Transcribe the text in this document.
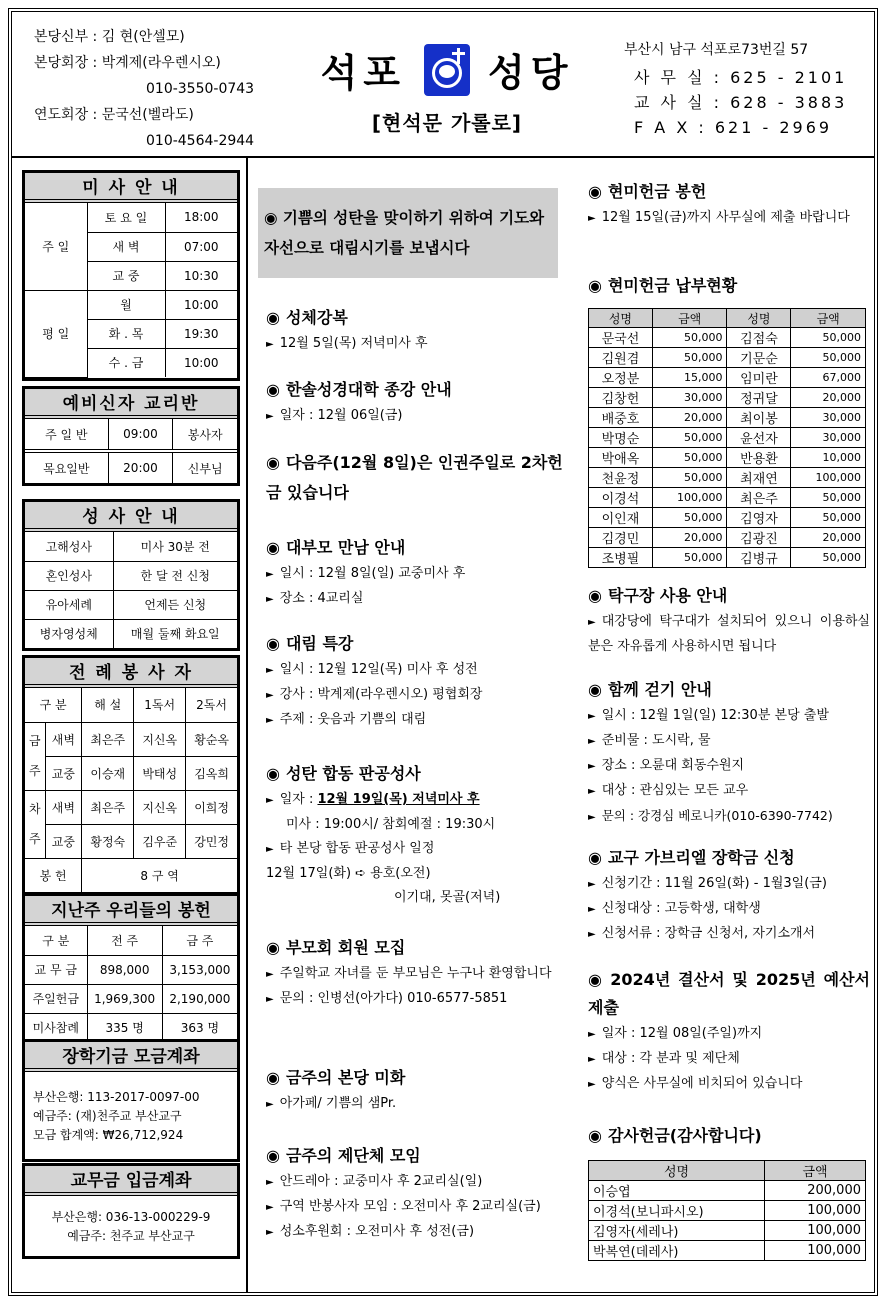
본당신부 : 김 현(안셀모)
본당회장 : 박계제(라우렌시오)
010-3550-0743
연도회장 : 문국선(벨라도)
010-4564-2944
석포 성당
[현석문 가롤로]
부산시 남구 석포로73번길 57
사 무 실 : 625 - 2101
교 사 실 : 628 - 3883
F A X : 621 - 2969
미 사 안 내
주 일	토 요 일	18:00
	새 벽	07:00
	교 중	10:30
평 일	월	10:00
	화 . 목	19:30
	수 . 금	10:00
예비신자 교리반
주 일 반	09:00	봉사자
목요일반	20:00	신부님
성 사 안 내
고해성사	미사 30분 전
혼인성사	한 달 전 신청
유아세례	언제든 신청
병자영성체	매월 둘째 화요일
전 례 봉 사 자
구 분		해 설	1독서	2독서
금주	새벽	최은주	지신옥	황순옥
	교중	이승재	박태성	김옥희
차주	새벽	최은주	지신옥	이희정
	교중	황정숙	김우준	강민정
봉 헌		8 구 역		
지난주 우리들의 봉헌
구 분	전 주	금 주
교 무 금	898,000	3,153,000
주일헌금	1,969,300	2,190,000
미사참례	335 명	363 명
장학기금 모금계좌
부산은행: 113-2017-0097-00
예금주: (재)천주교 부산교구
모금 합계액: ₩26,712,924
교무금 입금계좌
부산은행: 036-13-000229-9
예금주: 천주교 부산교구
◉ 기쁨의 성탄을 맞이하기 위하여 기도와 자선으로 대림시기를 보냅시다
◉ 성체강복
► 12월 5일(목) 저녁미사 후
◉ 한솔성경대학 종강 안내
► 일자 : 12월 06일(금)
◉ 다음주(12월 8일)은 인권주일로 2차헌금 있습니다
◉ 대부모 만남 안내
► 일시 : 12월 8일(일) 교중미사 후
► 장소 : 4교리실
◉ 대림 특강
► 일시 : 12월 12일(목) 미사 후 성전
► 강사 : 박계제(라우렌시오) 평협회장
► 주제 : 웃음과 기쁨의 대림
◉ 성탄 합동 판공성사
► 일자 : 12월 19일(목) 저녁미사 후
미사 : 19:00시/ 참회예절 : 19:30시
► 타 본당 합동 판공성사 일정
12월 17일(화) ➪ 용호(오전)
이기대, 못골(저녁)
◉ 부모회 회원 모집
► 주일학교 자녀를 둔 부모님은 누구나 환영합니다
► 문의 : 인병선(아가다) 010-6577-5851
◉ 금주의 본당 미화
► 아가페/ 기쁨의 샘Pr.
◉ 금주의 제단체 모임
► 안드레아 : 교중미사 후 2교리실(일)
► 구역 반봉사자 모임 : 오전미사 후 2교리실(금)
► 성소후원회 : 오전미사 후 성전(금)
◉ 현미헌금 봉헌
► 12월 15일(금)까지 사무실에 제출 바랍니다
◉ 현미헌금 납부현황
성명	금액	성명	금액
문국선	50,000	김점숙	50,000
김원겸	50,000	기문순	50,000
오정분	15,000	임미란	67,000
김창헌	30,000	정귀달	20,000
배중호	20,000	최이봉	30,000
박명순	50,000	윤선자	30,000
박애옥	50,000	반용환	10,000
천윤정	50,000	최재연	100,000
이경석	100,000	최은주	50,000
이인재	50,000	김영자	50,000
김경민	20,000	김광진	20,000
조병필	50,000	김병규	50,000
◉ 탁구장 사용 안내
► 대강당에 탁구대가 설치되어 있으니 이용하실 분은 자유롭게 사용하시면 됩니다
◉ 함께 걷기 안내
► 일시 : 12월 1일(일) 12:30분 본당 출발
► 준비물 : 도시락, 물
► 장소 : 오륜대 회동수원지
► 대상 : 관심있는 모든 교우
► 문의 : 강경심 베로니카(010-6390-7742)
◉ 교구 가브리엘 장학금 신청
► 신청기간 : 11월 26일(화) - 1월3일(금)
► 신청대상 : 고등학생, 대학생
► 신청서류 : 장학금 신청서, 자기소개서
◉ 2024년 결산서 및 2025년 예산서 제출
► 일자 : 12월 08일(주일)까지
► 대상 : 각 분과 및 제단체
► 양식은 사무실에 비치되어 있습니다
◉ 감사헌금(감사합니다)
성명	금액
이승엽	200,000
이경석(보니파시오)	100,000
김영자(세레나)	100,000
박복연(데레사)	100,000
